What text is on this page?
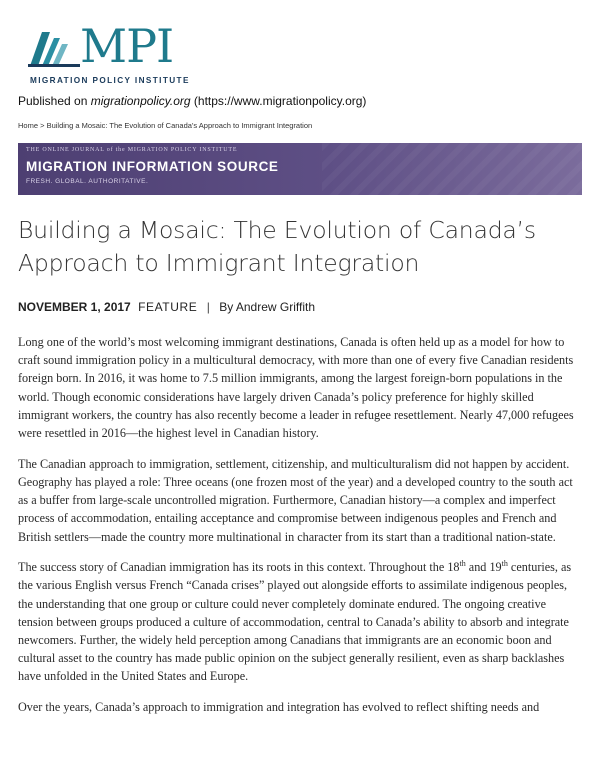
MPI
MIGRATION POLICY INSTITUTE
Published on migrationpolicy.org (https://www.migrationpolicy.org)
Home > Building a Mosaic: The Evolution of Canada's Approach to Immigrant Integration
THE ONLINE JOURNAL of the MIGRATION POLICY INSTITUTE
MIGRATION INFORMATION SOURCE
FRESH. GLOBAL. AUTHORITATIVE.
Building a Mosaic: The Evolution of Canada’s Approach to Immigrant Integration
NOVEMBER 1, 2017 FEATURE | By Andrew Griffith

Long one of the world’s most welcoming immigrant destinations, Canada is often held up as a model for how to craft sound immigration policy in a multicultural democracy, with more than one of every five Canadian residents foreign born. In 2016, it was home to 7.5 million immigrants, among the largest foreign-born populations in the world. Though economic considerations have largely driven Canada’s policy preference for highly skilled immigrant workers, the country has also recently become a leader in refugee resettlement. Nearly 47,000 refugees were resettled in 2016—the highest level in Canadian history.

The Canadian approach to immigration, settlement, citizenship, and multiculturalism did not happen by accident. Geography has played a role: Three oceans (one frozen most of the year) and a developed country to the south act as a buffer from large-scale uncontrolled migration. Furthermore, Canadian history—a complex and imperfect process of accommodation, entailing acceptance and compromise between indigenous peoples and French and British settlers—made the country more multinational in character from its start than a traditional nation-state.

The success story of Canadian immigration has its roots in this context. Throughout the 18th and 19th centuries, as the various English versus French “Canada crises” played out alongside efforts to assimilate indigenous peoples, the understanding that one group or culture could never completely dominate endured. The ongoing creative tension between groups produced a culture of accommodation, central to Canada’s ability to absorb and integrate newcomers. Further, the widely held perception among Canadians that immigrants are an economic boon and cultural asset to the country has made public opinion on the subject generally resilient, even as sharp backlashes have unfolded in the United States and Europe.

Over the years, Canada’s approach to immigration and integration has evolved to reflect shifting needs and
